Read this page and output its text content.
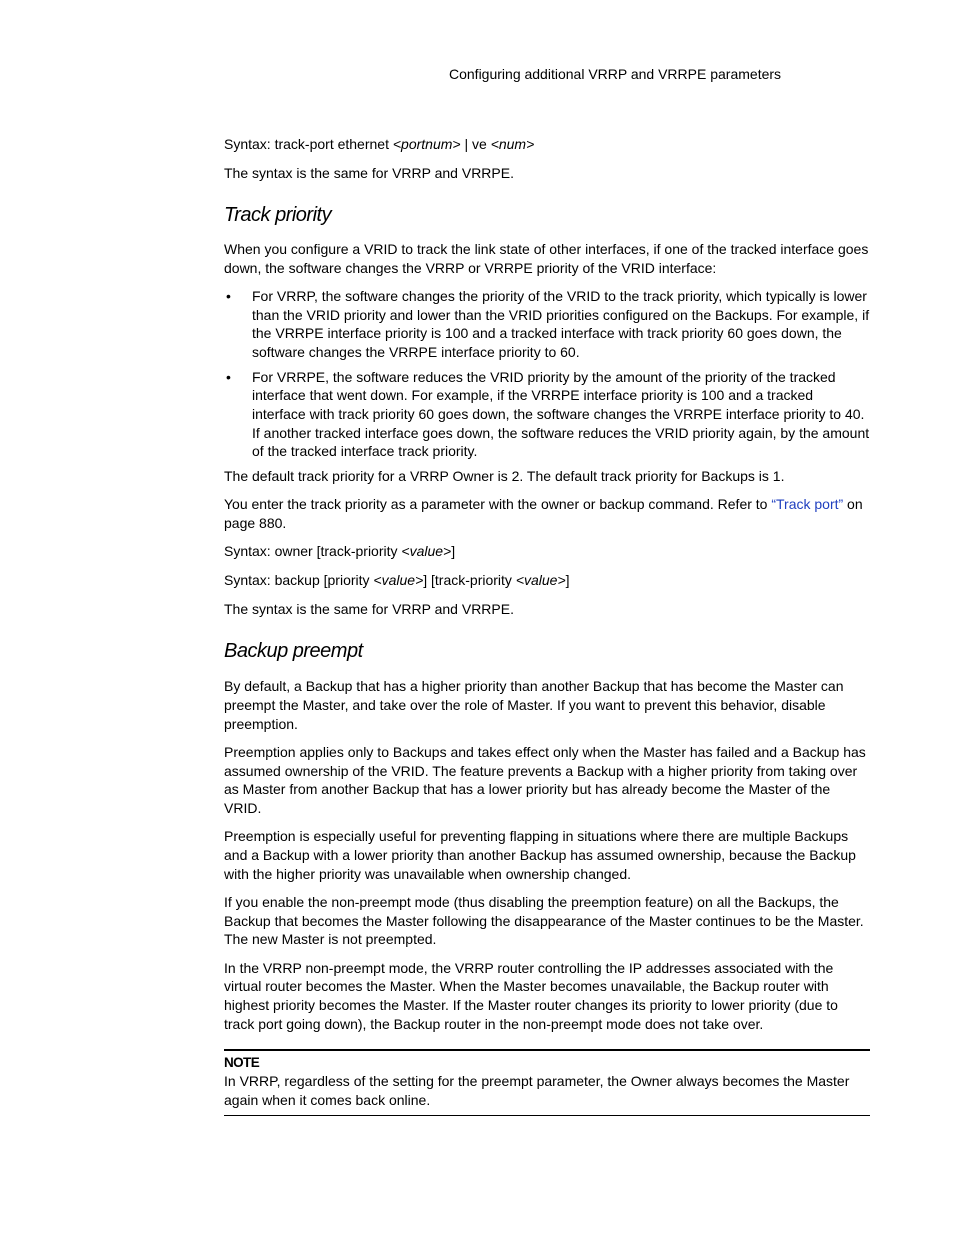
Configuring additional VRRP and VRRPE parameters

Syntax: track-port ethernet <portnum> | ve <num>

The syntax is the same for VRRP and VRRPE.

Track priority

When you configure a VRID to track the link state of other interfaces, if one of the tracked interface goes down, the software changes the VRRP or VRRPE priority of the VRID interface:

• For VRRP, the software changes the priority of the VRID to the track priority, which typically is lower than the VRID priority and lower than the VRID priorities configured on the Backups. For example, if the VRRPE interface priority is 100 and a tracked interface with track priority 60 goes down, the software changes the VRRPE interface priority to 60.
• For VRRPE, the software reduces the VRID priority by the amount of the priority of the tracked interface that went down. For example, if the VRRPE interface priority is 100 and a tracked interface with track priority 60 goes down, the software changes the VRRPE interface priority to 40. If another tracked interface goes down, the software reduces the VRID priority again, by the amount of the tracked interface track priority.

The default track priority for a VRRP Owner is 2. The default track priority for Backups is 1.

You enter the track priority as a parameter with the owner or backup command. Refer to “Track port” on page 880.

Syntax: owner [track-priority <value>]

Syntax: backup [priority <value>] [track-priority <value>]

The syntax is the same for VRRP and VRRPE.

Backup preempt

By default, a Backup that has a higher priority than another Backup that has become the Master can preempt the Master, and take over the role of Master. If you want to prevent this behavior, disable preemption.

Preemption applies only to Backups and takes effect only when the Master has failed and a Backup has assumed ownership of the VRID. The feature prevents a Backup with a higher priority from taking over as Master from another Backup that has a lower priority but has already become the Master of the VRID.

Preemption is especially useful for preventing flapping in situations where there are multiple Backups and a Backup with a lower priority than another Backup has assumed ownership, because the Backup with the higher priority was unavailable when ownership changed.

If you enable the non-preempt mode (thus disabling the preemption feature) on all the Backups, the Backup that becomes the Master following the disappearance of the Master continues to be the Master. The new Master is not preempted.

In the VRRP non-preempt mode, the VRRP router controlling the IP addresses associated with the virtual router becomes the Master. When the Master becomes unavailable, the Backup router with highest priority becomes the Master. If the Master router changes its priority to lower priority (due to track port going down), the Backup router in the non-preempt mode does not take over.

NOTE
In VRRP, regardless of the setting for the preempt parameter, the Owner always becomes the Master again when it comes back online.
